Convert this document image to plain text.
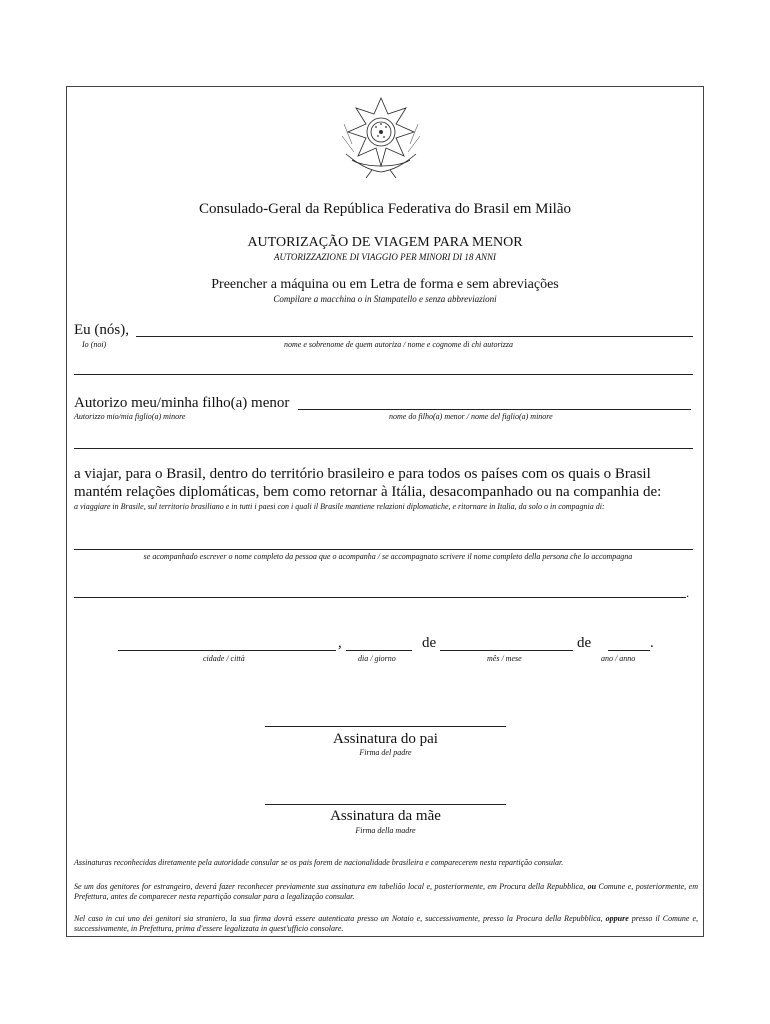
Consulado-Geral da República Federativa do Brasil em Milão
AUTORIZAÇÃO DE VIAGEM PARA MENOR
AUTORIZZAZIONE DI VIAGGIO PER MINORI DI 18 ANNI
Preencher a máquina ou em Letra de forma e sem abreviações
Compilare a macchina o in Stampatello e senza abbreviazioni
Eu (nós),
Io (noi)	nome e sobrenome de quem autoriza / nome e cognome di chi autorizza
Autorizo meu/minha filho(a) menor
Autorizzo mio/mia figlio(a) minore	nome do filho(a) menor / nome del figlio(a) minore
a viajar, para o Brasil, dentro do território brasileiro e para todos os países com os quais o Brasil
mantém relações diplomáticas, bem como retornar à Itália, desacompanhado ou na companhia de:
a viaggiare in Brasile, sul territorio brasiliano e in tutti i paesi con i quali il Brasile mantiene relazioni diplomatiche, e ritornare in Italia, da solo o in compagnia di:
se acompanhado escrever o nome completo da pessoa que o acompanha / se accompagnato scrivere il nome completo della persona che lo accompagna
.
,	de	de	.
cidade / città	dia / giorno	mês / mese	ano / anno
Assinatura do pai
Firma del padre
Assinatura da mãe
Firma della madre
Assinaturas reconhecidas diretamente pela autoridade consular se os pais forem de nacionalidade brasileira e comparecerem nesta repartição consular.
Se um dos genitores for estrangeiro, deverá fazer reconhecer previamente sua assinatura em tabelião local e, posteriormente, em Procura della Repubblica, ou Comune e, posteriormente, em Prefettura, antes de comparecer nesta repartição consular para a legalização consular.
Nel caso in cui uno dei genitori sia straniero, la sua firma dovrà essere autenticata presso un Notaio e, successivamente, presso la Procura della Repubblica, oppure presso il Comune e, successivamente, in Prefettura, prima d'essere legalizzata in quest'ufficio consolare.
